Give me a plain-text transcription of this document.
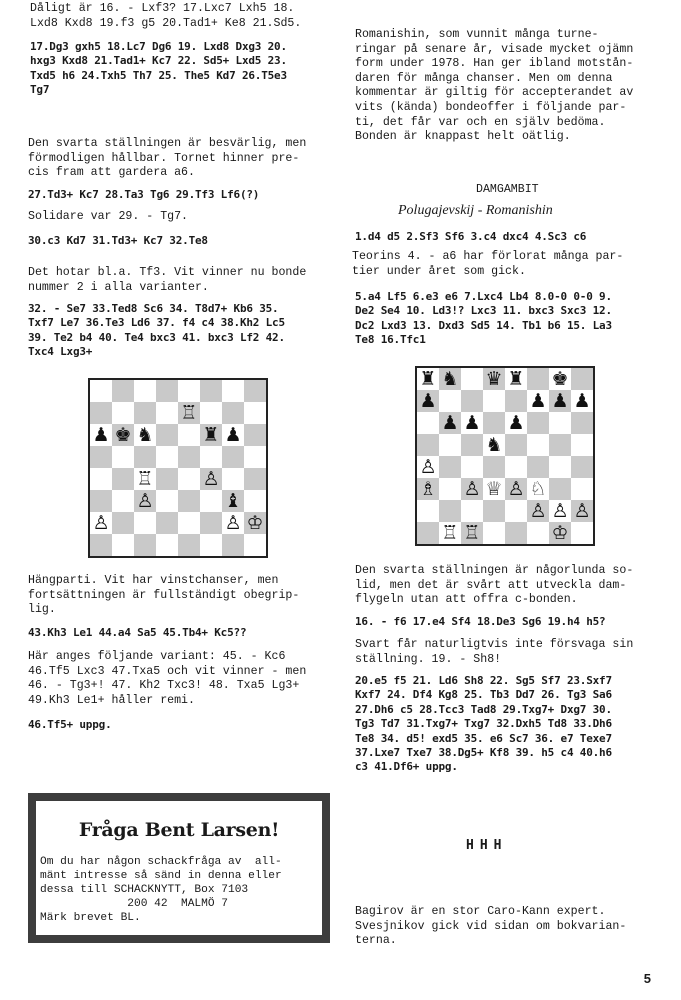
Dåligt är 16. - Lxf3? 17.Lxc7 Lxh5 18.
Lxd8 Kxd8 19.f3 g5 20.Tad1+ Ke8 21.Sd5.

17.Dg3 gxh5 18.Lc7 Dg6 19. Lxd8 Dxg3 20.
hxg3 Kxd8 21.Tad1+ Kc7 22. Sd5+ Lxd5 23.
Txd5 h6 24.Txh5 Th7 25. The5 Kd7 26.T5e3
Tg7

Den svarta ställningen är besvärlig, men
förmodligen hållbar. Tornet hinner pre-
cis fram att gardera a6.

27.Td3+ Kc7 28.Ta3 Tg6 29.Tf3 Lf6(?)

Solidare var 29. - Tg7.

30.c3 Kd7 31.Td3+ Kc7 32.Te8

Det hotar bl.a. Tf3. Vit vinner nu bonde
nummer 2 i alla varianter.

32. - Se7 33.Ted8 Sc6 34. T8d7+ Kb6 35.
Txf7 Le7 36.Te3 Ld6 37. f4 c4 38.Kh2 Lc5
39. Te2 b4 40. Te4 bxc3 41. bxc3 Lf2 42.
Txc4 Lxg3+

♖
♟ ♚ ♞	♜ ♟
♖	♙
♙	♝
♙	♙ ♔

Hängparti. Vit har vinstchanser, men
fortsättningen är fullständigt obegrip-
lig.

43.Kh3 Le1 44.a4 Sa5 45.Tb4+ Kc5??

Här anges följande variant: 45. - Kc6
46.Tf5 Lxc3 47.Txa5 och vit vinner - men
46. - Tg3+! 47. Kh2 Txc3! 48. Txa5 Lg3+
49.Kh3 Le1+ håller remi.

46.Tf5+ uppg.

Fråga Bent Larsen!
Om du har någon schackfråga av  all-
mänt intresse så sänd in denna eller
dessa till SCHACKNYTT, Box 7103
200 42  MALMÖ 7
Märk brevet BL.

Romanishin, som vunnit många turne-
ringar på senare år, visade mycket ojämn
form under 1978. Han ger ibland motstån-
daren för många chanser. Men om denna
kommentar är giltig för accepterandet av
vits (kända) bondeoffer i följande par-
ti, det får var och en själv bedöma.
Bonden är knappast helt oätlig.

DAMGAMBIT
Polugajevskij - Romanishin

1.d4 d5 2.Sf3 Sf6 3.c4 dxc4 4.Sc3 c6

Teorins 4. - a6 har förlorat många par-
tier under året som gick.

5.a4 Lf5 6.e3 e6 7.Lxc4 Lb4 8.0-0 0-0 9.
De2 Se4 10. Ld3!? Lxc3 11. bxc3 Sxc3 12.
Dc2 Lxd3 13. Dxd3 Sd5 14. Tb1 b6 15. La3
Te8 16.Tfc1

♜ ♞ ♛ ♜ ♚
♟	♟ ♟ ♟
♟ ♟ ♟
♞
♙
♗ ♙ ♕ ♙ ♘
♙ ♙ ♙
♖ ♖	♔

Den svarta ställningen är någorlunda so-
lid, men det är svårt att utveckla dam-
flygeln utan att offra c-bonden.

16. - f6 17.e4 Sf4 18.De3 Sg6 19.h4 h5?

Svart får naturligtvis inte försvaga sin
ställning. 19. - Sh8!

20.e5 f5 21. Ld6 Sh8 22. Sg5 Sf7 23.Sxf7
Kxf7 24. Df4 Kg8 25. Tb3 Dd7 26. Tg3 Sa6
27.Dh6 c5 28.Tcc3 Tad8 29.Txg7+ Dxg7 30.
Tg3 Td7 31.Txg7+ Txg7 32.Dxh5 Td8 33.Dh6
Te8 34. d5! exd5 35. e6 Sc7 36. e7 Texe7
37.Lxe7 Txe7 38.Dg5+ Kf8 39. h5 c4 40.h6
c3 41.Df6+ uppg.

HHH

Bagirov är en stor Caro-Kann expert.
Svesjnikov gick vid sidan om bokvarian-
terna.

5
